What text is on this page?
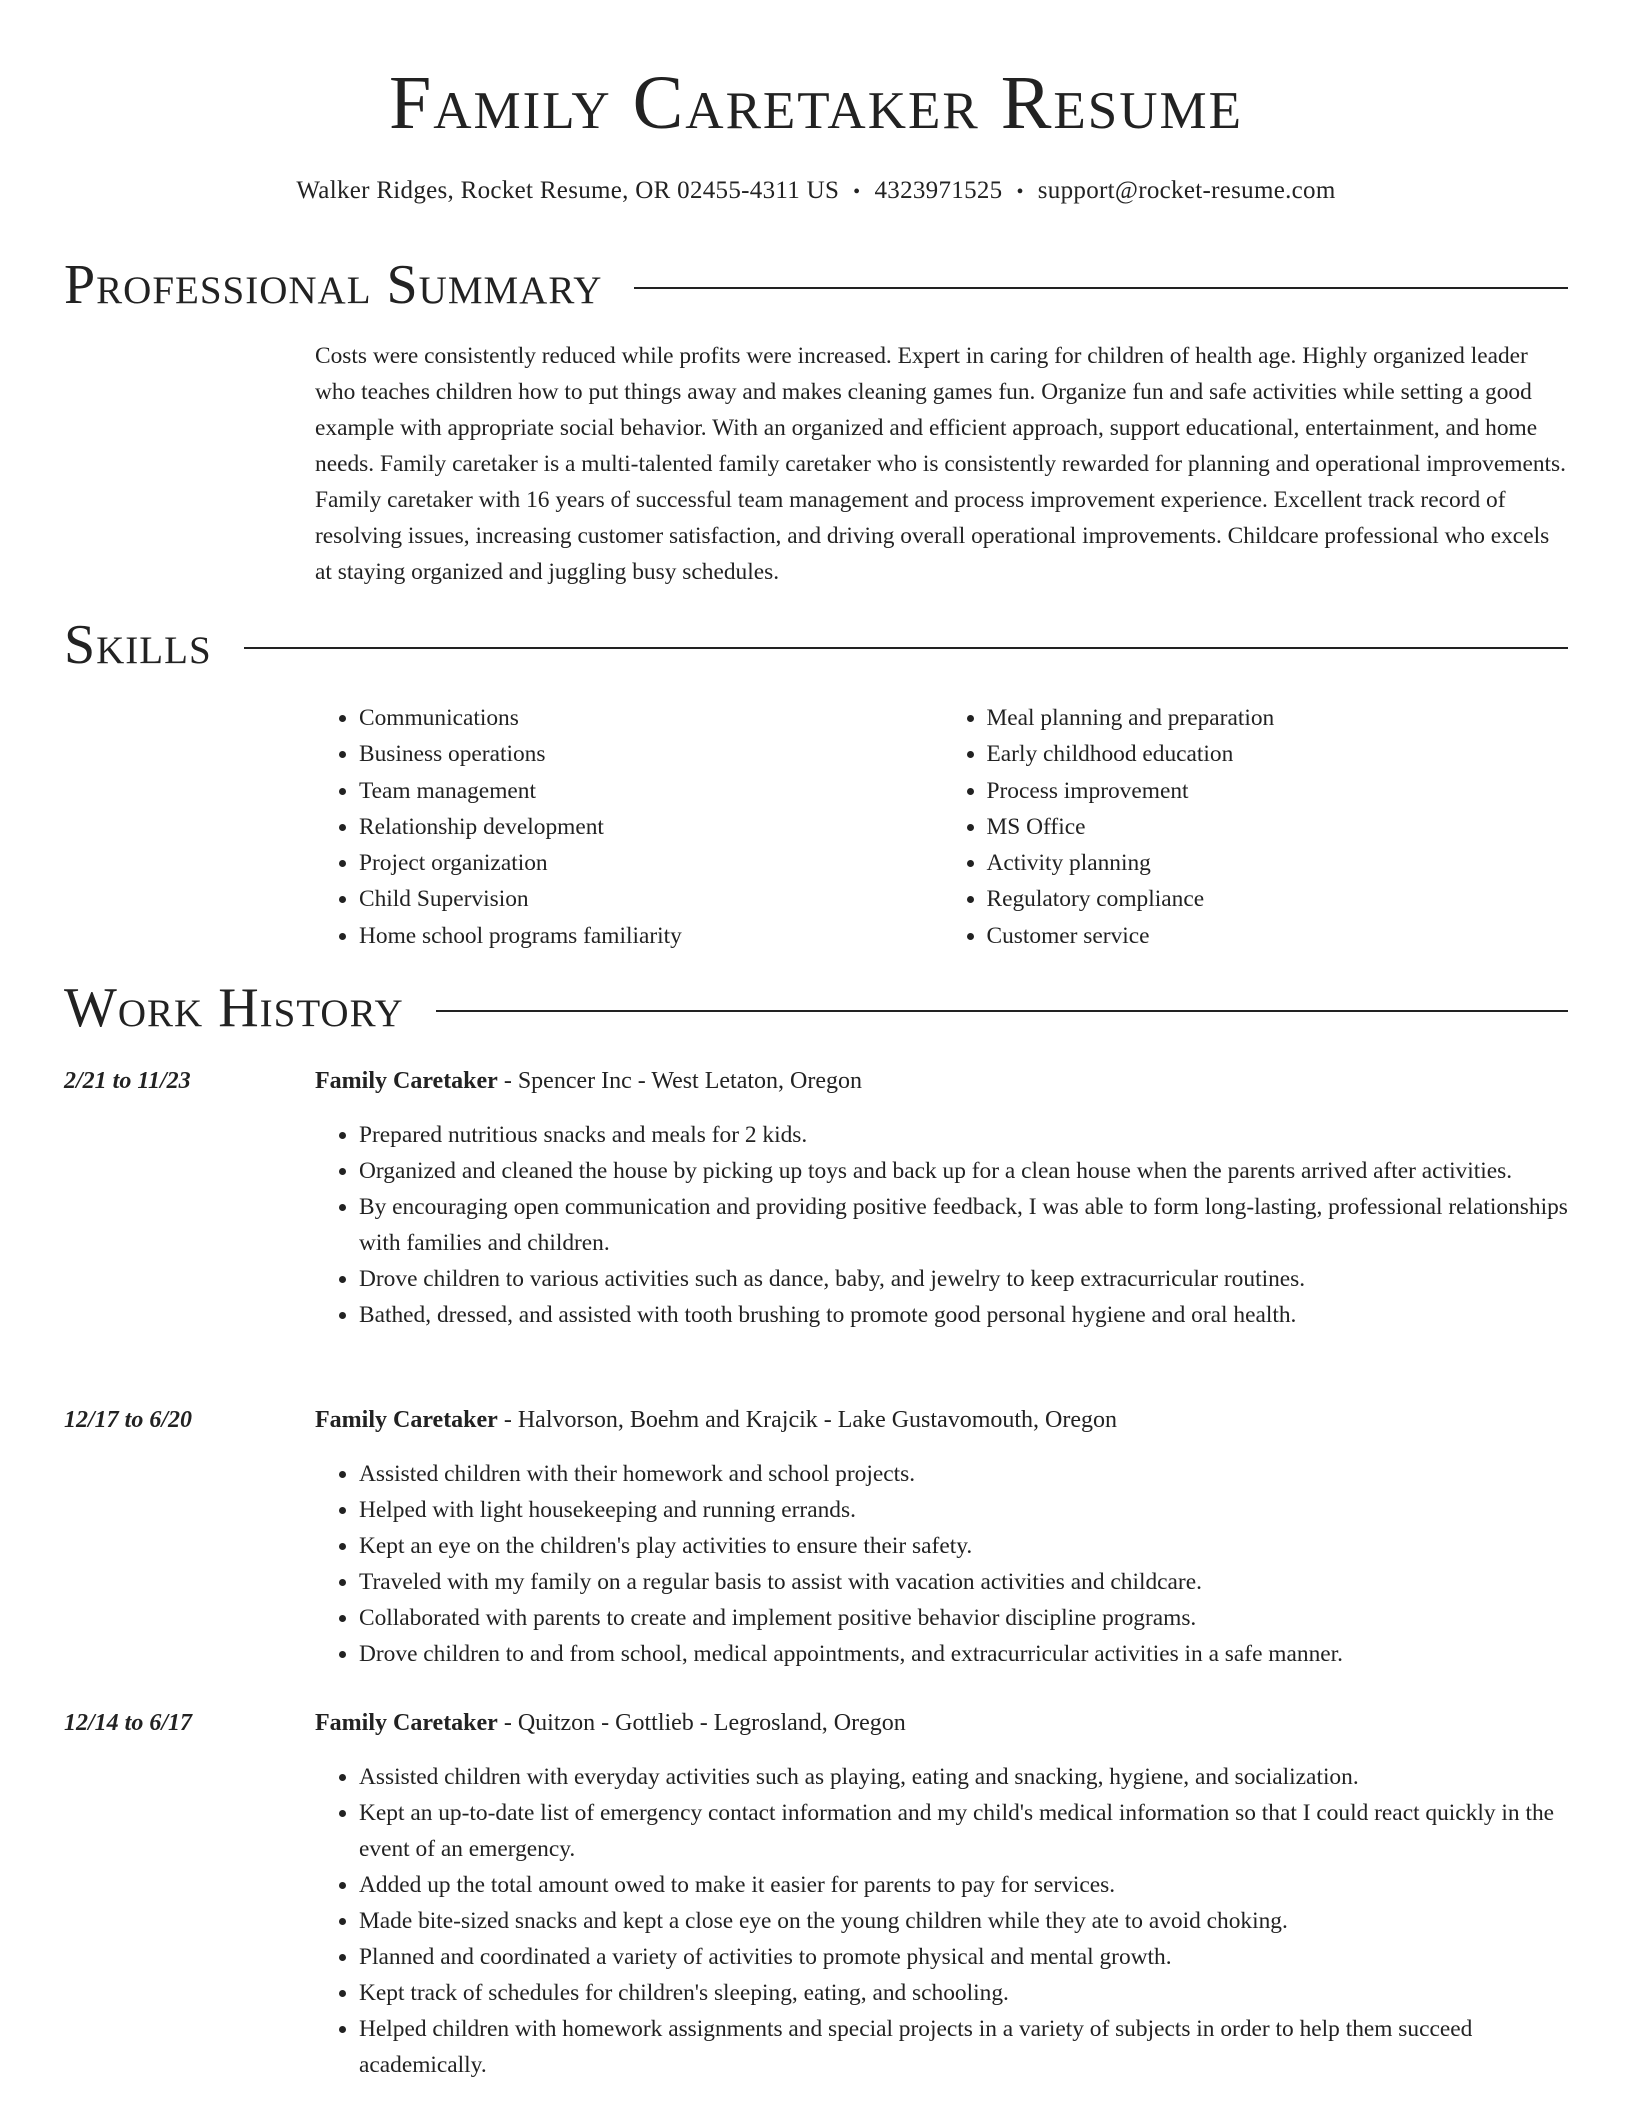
Family Caretaker Resume
Walker Ridges, Rocket Resume, OR 02455-4311 US • 4323971525 • support@rocket-resume.com
Professional Summary

Costs were consistently reduced while profits were increased. Expert in caring for children of health age. Highly organized leader who teaches children how to put things away and makes cleaning games fun. Organize fun and safe activities while setting a good example with appropriate social behavior. With an organized and efficient approach, support educational, entertainment, and home needs. Family caretaker is a multi-talented family caretaker who is consistently rewarded for planning and operational improvements. Family caretaker with 16 years of successful team management and process improvement experience. Excellent track record of resolving issues, increasing customer satisfaction, and driving overall operational improvements. Childcare professional who excels at staying organized and juggling busy schedules.

Skills
• Communications
• Business operations
• Team management
• Relationship development
• Project organization
• Child Supervision
• Home school programs familiarity
• Meal planning and preparation
• Early childhood education
• Process improvement
• MS Office
• Activity planning
• Regulatory compliance
• Customer service
Work History
2/21 to 11/23	Family Caretaker - Spencer Inc - West Letaton, Oregon
• Prepared nutritious snacks and meals for 2 kids.
• Organized and cleaned the house by picking up toys and back up for a clean house when the parents arrived after activities.
• By encouraging open communication and providing positive feedback, I was able to form long-lasting, professional relationships with families and children.
• Drove children to various activities such as dance, baby, and jewelry to keep extracurricular routines.
• Bathed, dressed, and assisted with tooth brushing to promote good personal hygiene and oral health.
12/17 to 6/20	Family Caretaker - Halvorson, Boehm and Krajcik - Lake Gustavomouth, Oregon
• Assisted children with their homework and school projects.
• Helped with light housekeeping and running errands.
• Kept an eye on the children's play activities to ensure their safety.
• Traveled with my family on a regular basis to assist with vacation activities and childcare.
• Collaborated with parents to create and implement positive behavior discipline programs.
• Drove children to and from school, medical appointments, and extracurricular activities in a safe manner.
12/14 to 6/17	Family Caretaker - Quitzon - Gottlieb - Legrosland, Oregon
• Assisted children with everyday activities such as playing, eating and snacking, hygiene, and socialization.
• Kept an up-to-date list of emergency contact information and my child's medical information so that I could react quickly in the event of an emergency.
• Added up the total amount owed to make it easier for parents to pay for services.
• Made bite-sized snacks and kept a close eye on the young children while they ate to avoid choking.
• Planned and coordinated a variety of activities to promote physical and mental growth.
• Kept track of schedules for children's sleeping, eating, and schooling.
• Helped children with homework assignments and special projects in a variety of subjects in order to help them succeed academically.
